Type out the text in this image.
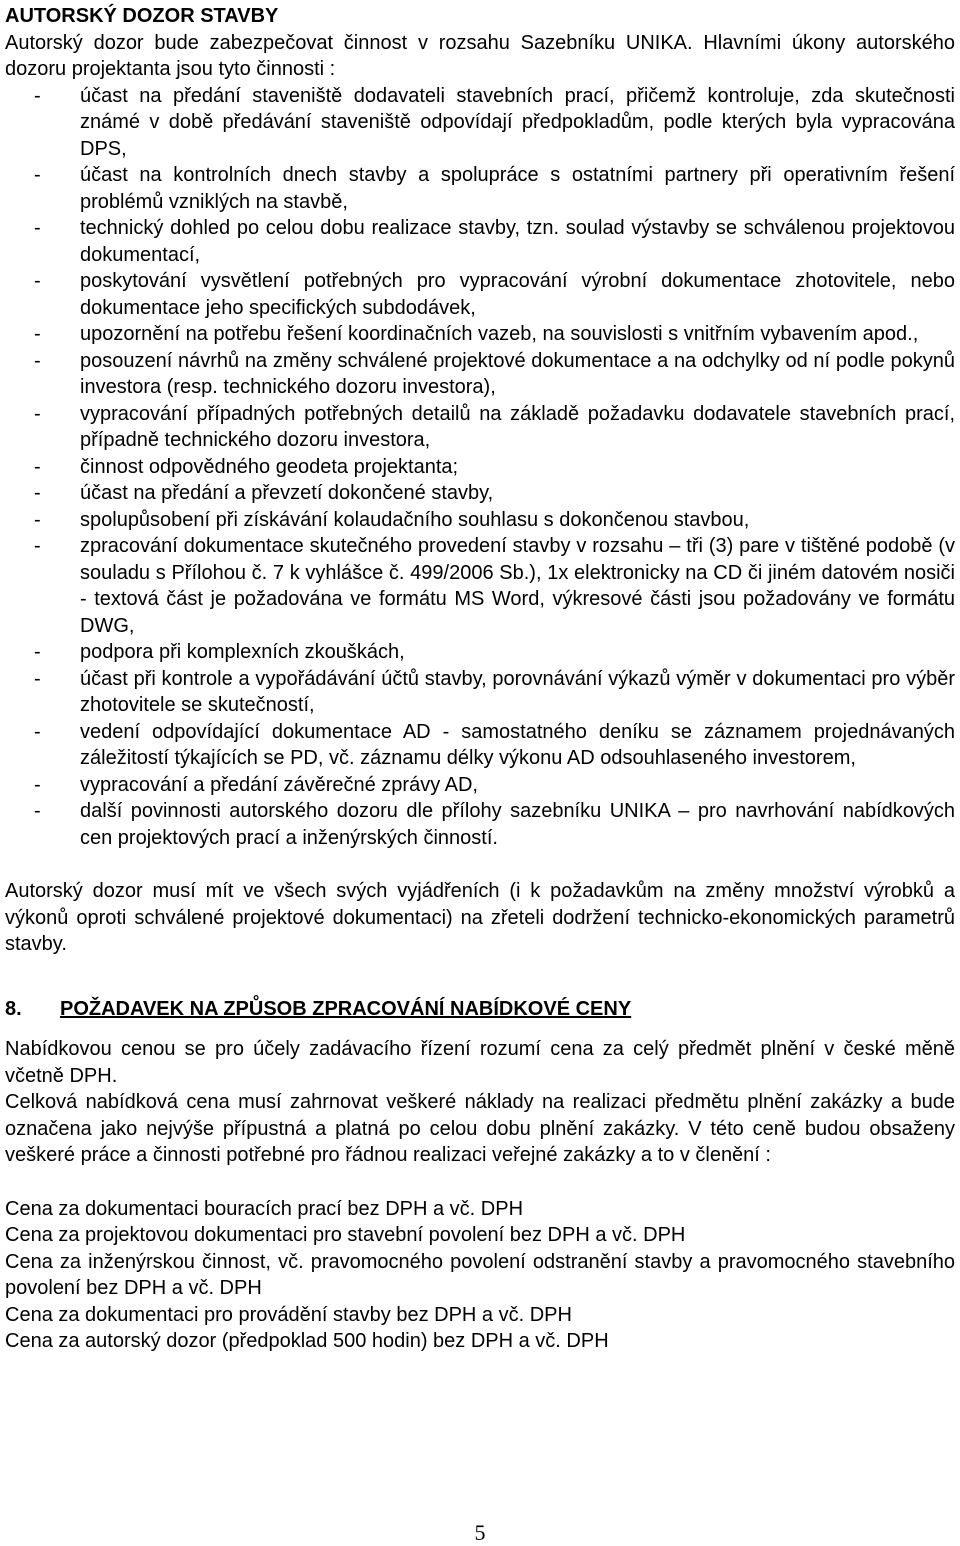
AUTORSKÝ DOZOR STAVBY

Autorský dozor bude zabezpečovat činnost v rozsahu Sazebníku UNIKA. Hlavními úkony autorského dozoru projektanta jsou tyto činnosti :

- účast na předání staveniště dodavateli stavebních prací, přičemž kontroluje, zda skutečnosti známé v době předávání staveniště odpovídají předpokladům, podle kterých byla vypracována DPS,
- účast na kontrolních dnech stavby a spolupráce s ostatními partnery při operativním řešení problémů vzniklých na stavbě,
- technický dohled po celou dobu realizace stavby, tzn. soulad výstavby se schválenou projektovou dokumentací,
- poskytování vysvětlení potřebných pro vypracování výrobní dokumentace zhotovitele, nebo dokumentace jeho specifických subdodávek,
- upozornění na potřebu řešení koordinačních vazeb, na souvislosti s vnitřním vybavením apod.,
- posouzení návrhů na změny schválené projektové dokumentace a na odchylky od ní podle pokynů investora (resp. technického dozoru investora),
- vypracování případných potřebných detailů na základě požadavku dodavatele stavebních prací, případně technického dozoru investora,
- činnost odpovědného geodeta projektanta;
- účast na předání a převzetí dokončené stavby,
- spolupůsobení při získávání kolaudačního souhlasu s dokončenou stavbou,
- zpracování dokumentace skutečného provedení stavby v rozsahu – tři (3) pare v tištěné podobě (v souladu s Přílohou č. 7 k vyhlášce č. 499/2006 Sb.), 1x elektronicky na CD či jiném datovém nosiči - textová část je požadována ve formátu MS Word, výkresové části jsou požadovány ve formátu DWG,
- podpora při komplexních zkouškách,
- účast při kontrole a vypořádávání účtů stavby, porovnávání výkazů výměr v dokumentaci pro výběr zhotovitele se skutečností,
- vedení odpovídající dokumentace AD - samostatného deníku se záznamem projednávaných záležitostí týkajících se PD, vč. záznamu délky výkonu AD odsouhlaseného investorem,
- vypracování a předání závěrečné zprávy AD,
- další povinnosti autorského dozoru dle přílohy sazebníku UNIKA – pro navrhování nabídkových cen projektových prací a inženýrských činností.

Autorský dozor musí mít ve všech svých vyjádřeních (i k požadavkům na změny množství výrobků a výkonů oproti schválené projektové dokumentaci) na zřeteli dodržení technicko-ekonomických parametrů stavby.

8.	POŽADAVEK NA ZPŮSOB ZPRACOVÁNÍ NABÍDKOVÉ CENY

Nabídkovou cenou se pro účely zadávacího řízení rozumí cena za celý předmět plnění v české měně včetně DPH.

Celková nabídková cena musí zahrnovat veškeré náklady na realizaci předmětu plnění zakázky a bude označena jako nejvýše přípustná a platná po celou dobu plnění zakázky. V této ceně budou obsaženy veškeré práce a činnosti potřebné pro řádnou realizaci veřejné zakázky a to v členění :

Cena za dokumentaci bouracích prací bez DPH a vč. DPH

Cena za projektovou dokumentaci pro stavební povolení bez DPH a vč. DPH

Cena za inženýrskou činnost, vč. pravomocného povolení odstranění stavby a pravomocného stavebního povolení bez DPH a vč. DPH

Cena za dokumentaci pro provádění stavby bez DPH a vč. DPH

Cena za autorský dozor (předpoklad 500 hodin) bez DPH a vč. DPH

5
